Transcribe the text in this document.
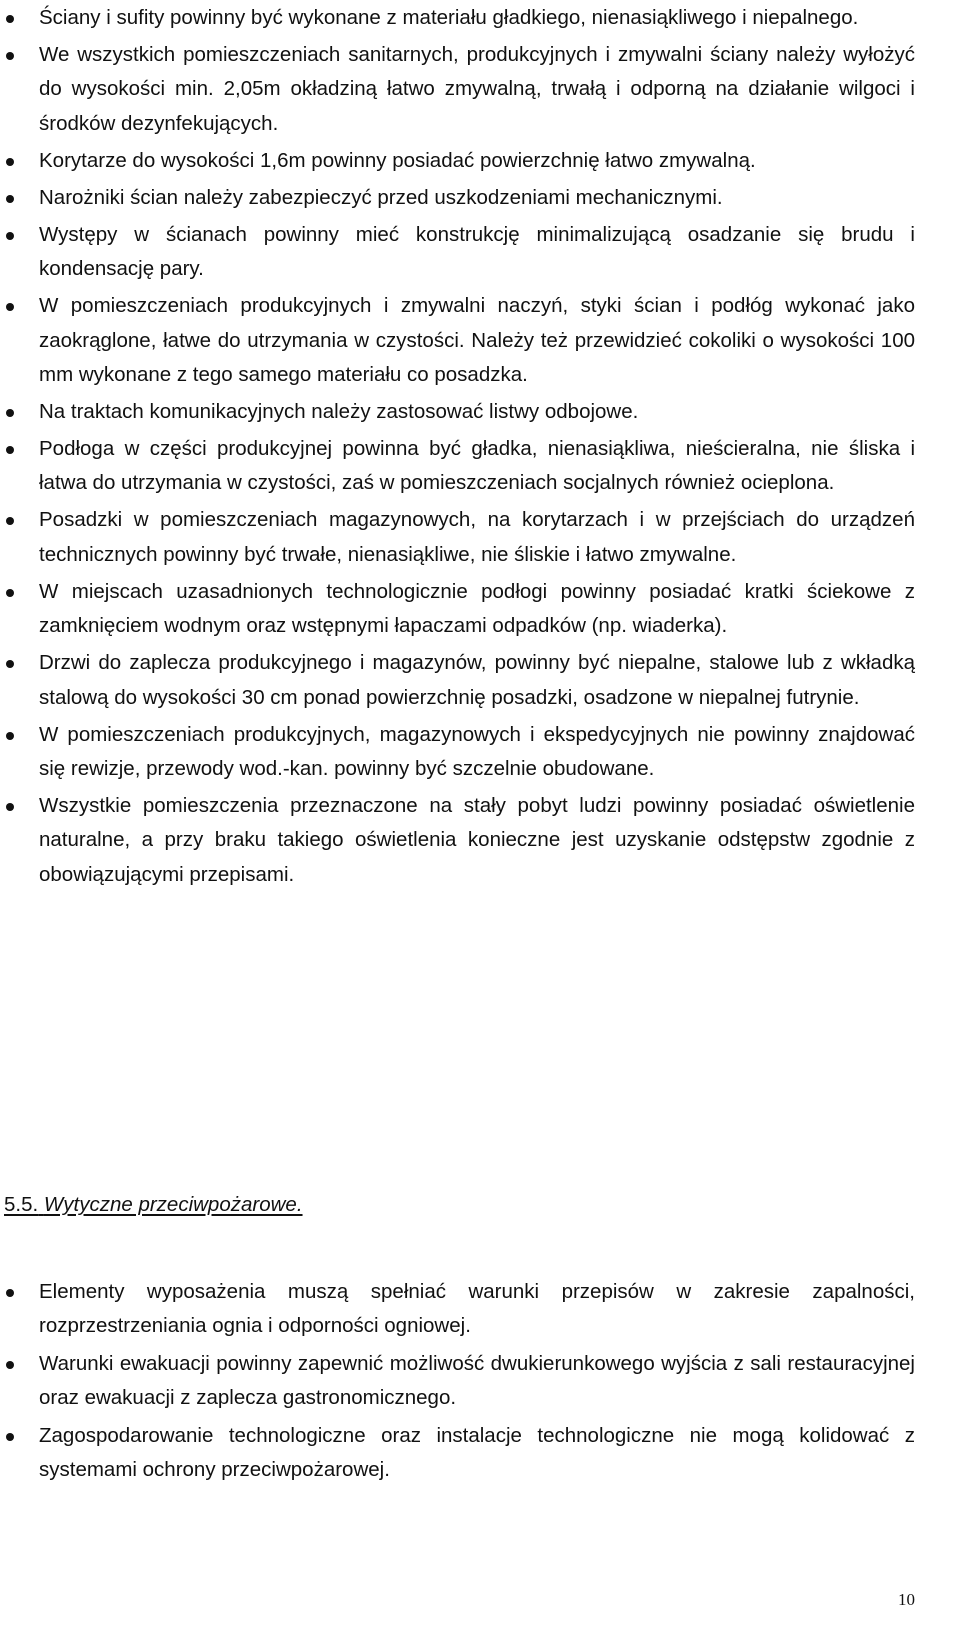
Ściany i sufity powinny być wykonane z materiału gładkiego, nienasiąkliwego i niepalnego.
We wszystkich pomieszczeniach sanitarnych, produkcyjnych i zmywalni ściany należy wyłożyć do wysokości min. 2,05m okładziną łatwo zmywalną, trwałą i odporną na działanie wilgoci i środków dezynfekujących.
Korytarze do wysokości 1,6m powinny posiadać powierzchnię łatwo zmywalną.
Narożniki ścian należy zabezpieczyć przed uszkodzeniami mechanicznymi.
Występy w ścianach powinny mieć konstrukcję minimalizującą osadzanie się brudu i kondensację pary.
W pomieszczeniach produkcyjnych i zmywalni naczyń, styki ścian i podłóg wykonać jako zaokrąglone, łatwe do utrzymania w czystości. Należy też przewidzieć cokoliki o wysokości 100 mm wykonane z tego samego materiału co posadzka.
Na traktach komunikacyjnych należy zastosować listwy odbojowe.
Podłoga w części produkcyjnej powinna być gładka, nienasiąkliwa, nieścieralna, nie śliska i łatwa do utrzymania w czystości, zaś w pomieszczeniach socjalnych również ocieplona.
Posadzki w pomieszczeniach magazynowych, na korytarzach i w przejściach do urządzeń technicznych powinny być trwałe, nienasiąkliwe, nie śliskie i łatwo zmywalne.
W miejscach uzasadnionych technologicznie podłogi powinny posiadać kratki ściekowe z zamknięciem wodnym oraz wstępnymi łapaczami odpadków (np. wiaderka).
Drzwi do zaplecza produkcyjnego i magazynów, powinny być niepalne, stalowe lub z wkładką stalową do wysokości 30 cm ponad powierzchnię posadzki, osadzone w niepalnej futrynie.
W pomieszczeniach produkcyjnych, magazynowych i ekspedycyjnych nie powinny znajdować się rewizje, przewody wod.-kan. powinny być szczelnie obudowane.
Wszystkie pomieszczenia przeznaczone na stały pobyt ludzi powinny posiadać oświetlenie naturalne, a przy braku takiego oświetlenia konieczne jest uzyskanie odstępstw zgodnie z obowiązującymi przepisami.
5.5. Wytyczne przeciwpożarowe.
Elementy wyposażenia muszą spełniać warunki przepisów w zakresie zapalności, rozprzestrzeniania ognia i odporności ogniowej.
Warunki ewakuacji powinny zapewnić możliwość dwukierunkowego wyjścia z sali restauracyjnej oraz ewakuacji z zaplecza gastronomicznego.
Zagospodarowanie technologiczne oraz instalacje technologiczne nie mogą kolidować z systemami ochrony przeciwpożarowej.
10
